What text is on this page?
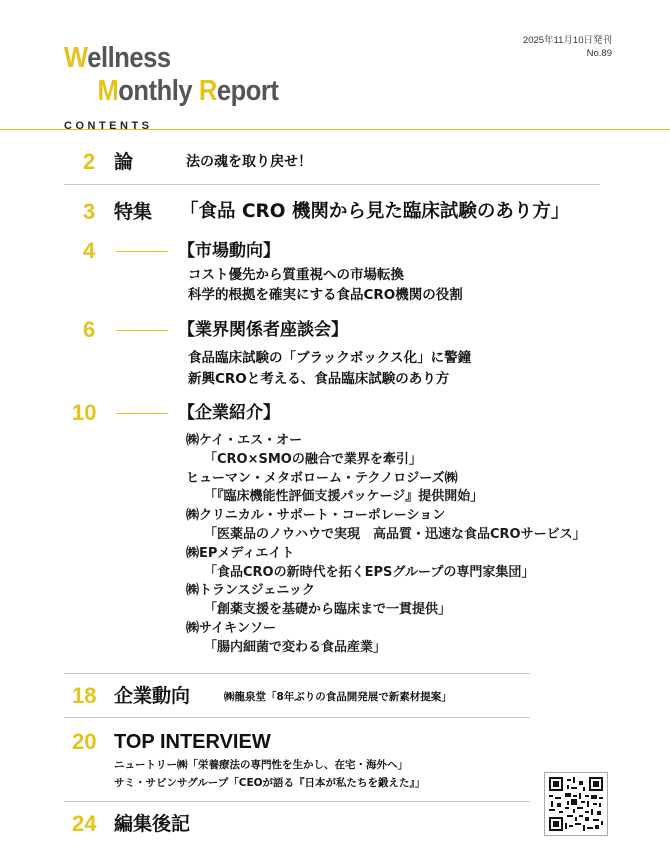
2025年11月10日発刊
No.89
Wellness
Monthly Report
CONTENTS
2 論	法の魂を取り戻せ！
3 特集 「食品 CRO 機関から見た臨床試験のあり方」
4	【市場動向】
コスト優先から質重視への市場転換
科学的根拠を確実にする食品CRO機関の役割
6	【業界関係者座談会】
食品臨床試験の「ブラックボックス化」に警鐘
新興CROと考える、食品臨床試験のあり方
10	【企業紹介】
㈱ケイ・エス・オー
「CRO×SMOの融合で業界を牽引」
ヒューマン・メタボローム・テクノロジーズ㈱
「『臨床機能性評価支援パッケージ』提供開始」
㈱クリニカル・サポート・コーポレーション
「医薬品のノウハウで実現　高品質・迅速な食品CROサービス」
㈱EPメディエイト
「食品CROの新時代を拓くEPSグループの専門家集団」
㈱トランスジェニック
「創薬支援を基礎から臨床まで一貫提供」
㈱サイキンソー
「腸内細菌で変わる食品産業」
18 企業動向	㈱龍泉堂「8年ぶりの食品開発展で新素材提案」
20 TOP INTERVIEW
ニュートリー㈱「栄養療法の専門性を生かし、在宅・海外へ」
サミ・サビンサグループ「CEOが語る『日本が私たちを鍛えた』」
24 編集後記
